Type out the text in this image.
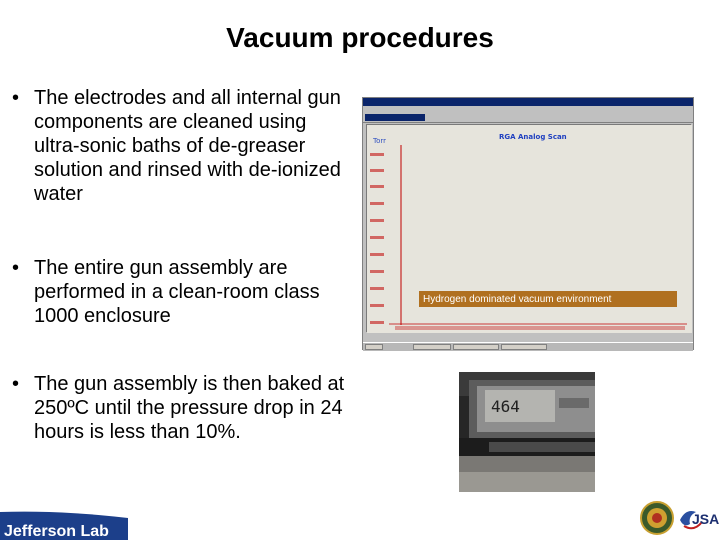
Vacuum procedures
• The electrodes and all internal gun components are cleaned using ultra-sonic baths of de-greaser solution and rinsed with de-ionized water
• The entire gun assembly are performed in a clean-room class 1000 enclosure
• The gun assembly is then baked at 250ºC until the pressure drop in 24 hours is less than 10%.
Torr	RGA Analog Scan
Hydrogen dominated vacuum environment
464
Jefferson Lab
JSA
